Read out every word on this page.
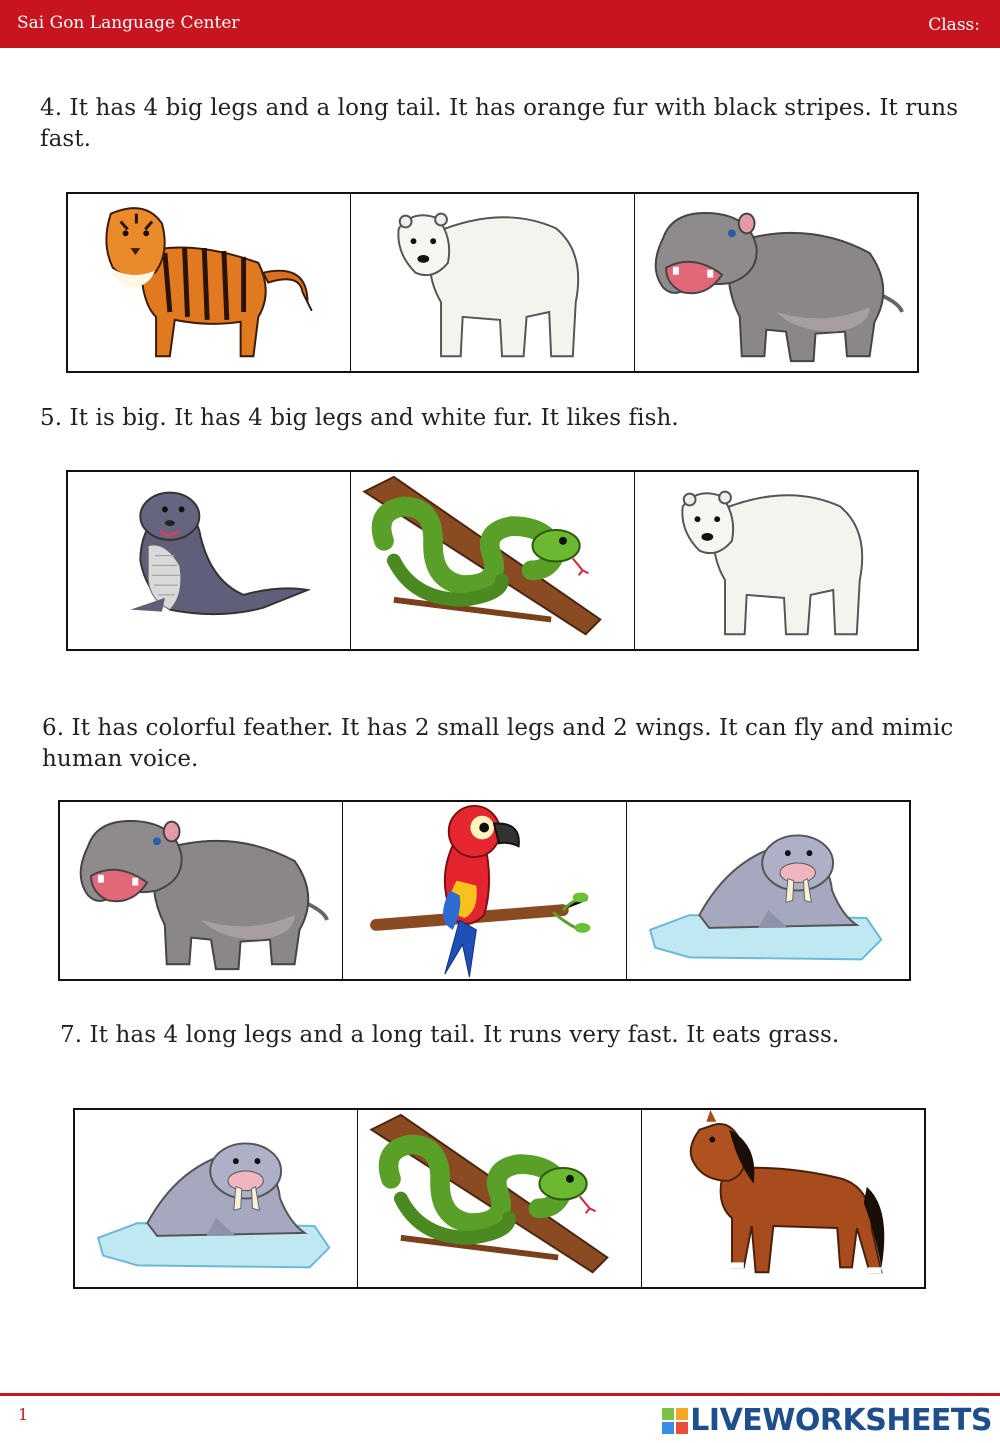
Sai Gon Language Center	Class:
4. It has 4 big legs and a long tail. It has orange fur with black stripes. It runs fast.
5. It is big. It has 4 big legs and white fur. It likes fish.
6. It has colorful feather. It has 2 small legs and 2 wings. It can fly and mimic human voice.
7. It has 4 long legs and a long tail. It runs very fast. It eats grass.
1	LIVEWORKSHEETS
